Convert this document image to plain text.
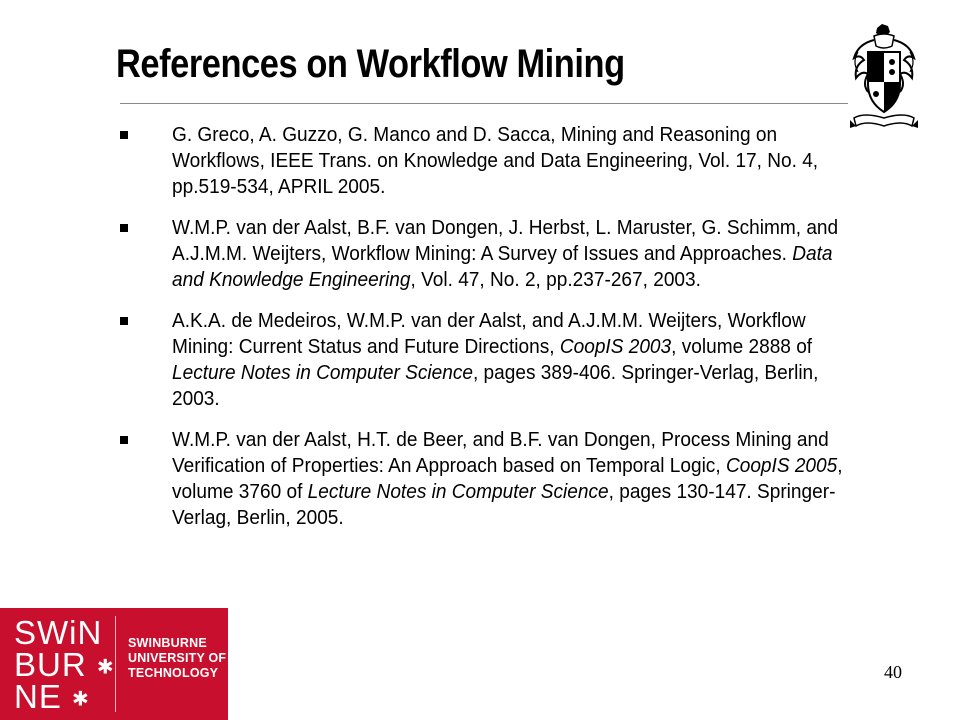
References on Workflow Mining
G. Greco, A. Guzzo, G. Manco and D. Sacca, Mining and Reasoning on Workflows, IEEE Trans. on Knowledge and Data Engineering, Vol. 17, No. 4, pp.519-534, APRIL 2005.
W.M.P. van der Aalst, B.F. van Dongen, J. Herbst, L. Maruster, G. Schimm, and A.J.M.M. Weijters, Workflow Mining: A Survey of Issues and Approaches. Data and Knowledge Engineering, Vol. 47, No. 2, pp.237-267, 2003.
A.K.A. de Medeiros, W.M.P. van der Aalst, and A.J.M.M. Weijters, Workflow Mining: Current Status and Future Directions, CoopIS 2003, volume 2888 of Lecture Notes in Computer Science, pages 389-406. Springer-Verlag, Berlin, 2003.
W.M.P. van der Aalst, H.T. de Beer, and B.F. van Dongen, Process Mining and Verification of Properties: An Approach based on Temporal Logic, CoopIS 2005, volume 3760 of Lecture Notes in Computer Science, pages 130-147. Springer-Verlag, Berlin, 2005.
SWiN
BUR ✱
NE ✱
SWINBURNE
UNIVERSITY OF
TECHNOLOGY	40
